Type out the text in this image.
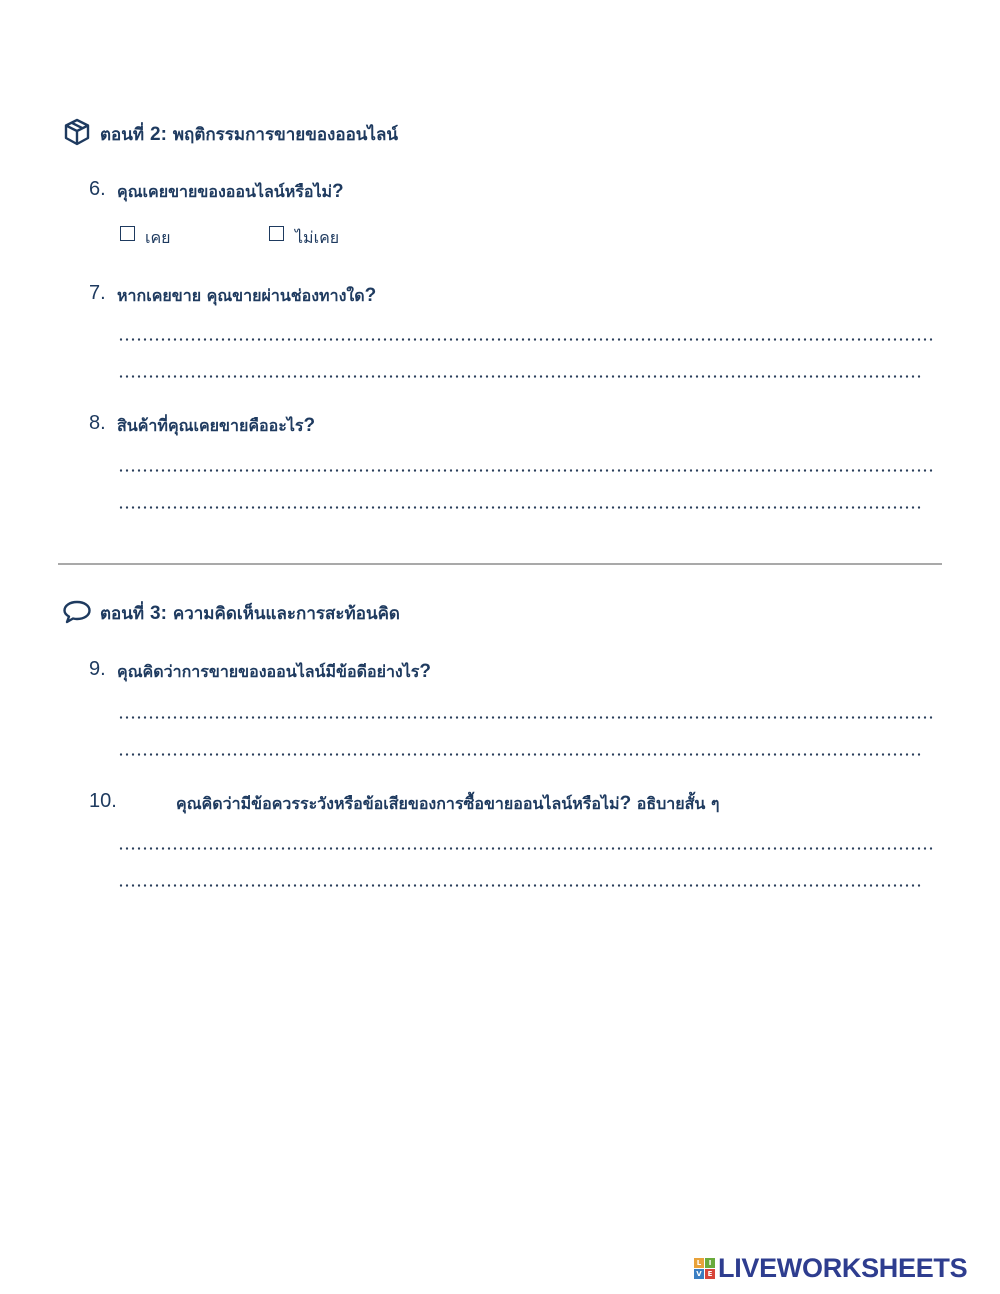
ตอนที่ 2: พฤติกรรมการขายของออนไลน์
6. คุณเคยขายของออนไลน์หรือไม่?
เคย	ไม่เคย
7. หากเคยขาย คุณขายผ่านช่องทางใด?
8. สินค้าที่คุณเคยขายคืออะไร?
ตอนที่ 3: ความคิดเห็นและการสะท้อนคิด
9. คุณคิดว่าการขายของออนไลน์มีข้อดีอย่างไร?
10.	คุณคิดว่ามีข้อควรระวังหรือข้อเสียของการซื้อขายออนไลน์หรือไม่? อธิบายสั้น ๆ
L	I
V E LIVEWORKSHEETS
